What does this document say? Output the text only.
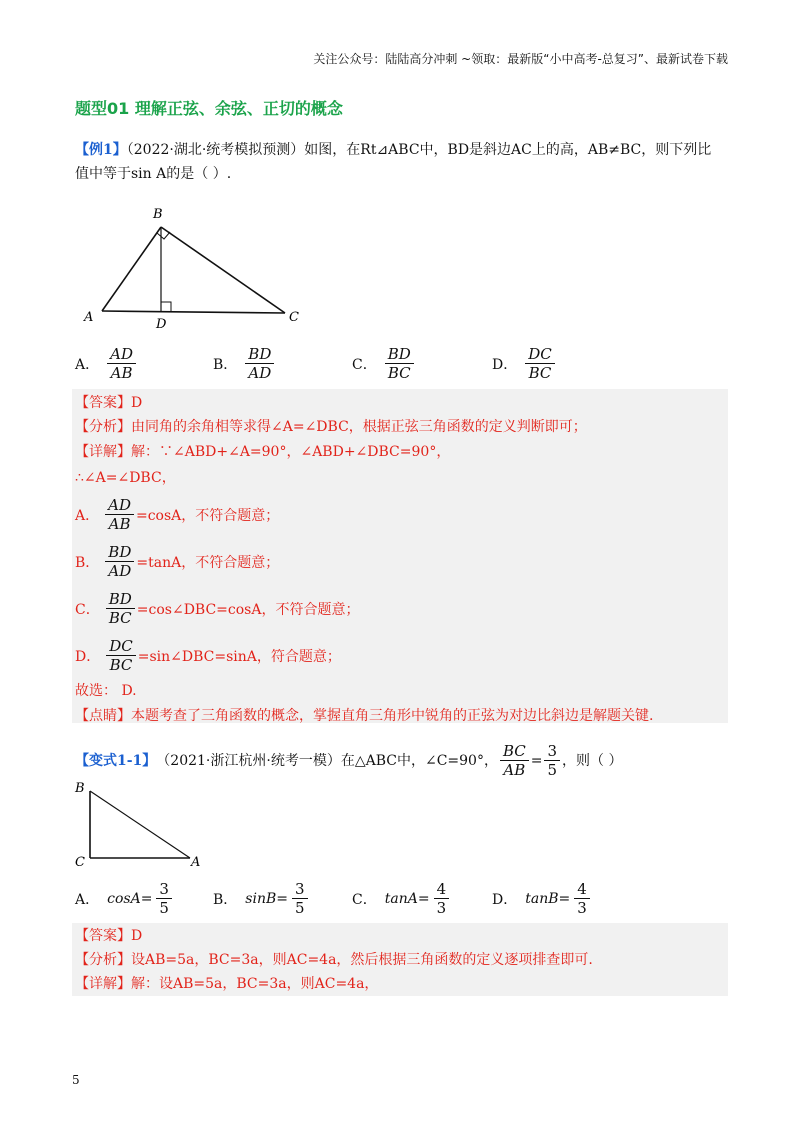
关注公众号：陆陆高分冲刺 ~领取：最新版“小中高考-总复习”、最新试卷下载
题型01 理解正弦、余弦、正切的概念
【例1】（2022·湖北·统考模拟预测）如图，在Rt⊿ABC中，BD是斜边AC上的高，AB≠BC，则下列比
值中等于sin A的是（ ）.
B
A	D	C
A． $\frac{AD}{AB}$	B． $\frac{BD}{AD}$	C． $\frac{BD}{BC}$	D． $\frac{DC}{BC}$
【答案】D
【分析】由同角的余角相等求得∠A=∠DBC，根据正弦三角函数的定义判断即可；
【详解】解：∵∠ABD+∠A=90°，∠ABD+∠DBC=90°，
∴∠A=∠DBC，
A． $\frac{AD}{AB} =\cos A$，不符合题意；
B． $\frac{BD}{AD} =\tan A$，不符合题意；
C． $\frac{BD}{BC}$ =cos∠DBC=cosA，不符合题意；
D． $\frac{DC}{BC}$ =sin∠DBC=sinA，符合题意；
故选： D.
【点睛】本题考查了三角函数的概念，掌握直角三角形中锐角的正弦为对边比斜边是解题关键.
【变式1-1】 （2021·浙江杭州·统考一模）在△ABC中，∠C=90°， $\frac{BC}{AB} = \frac{3}{5}$ ，则（ ）
B
C	A
A． $\cos A= \frac{3}{5}$	B． $\sin B= \frac{3}{5}$	C． $\tan A= \frac{4}{3}$	D． $\tan B= \frac{4}{3}$
【答案】D
【分析】设AB=5a，BC=3a，则AC=4a，然后根据三角函数的定义逐项排查即可.
【详解】解：设AB=5a，BC=3a，则AC=4a，
5
